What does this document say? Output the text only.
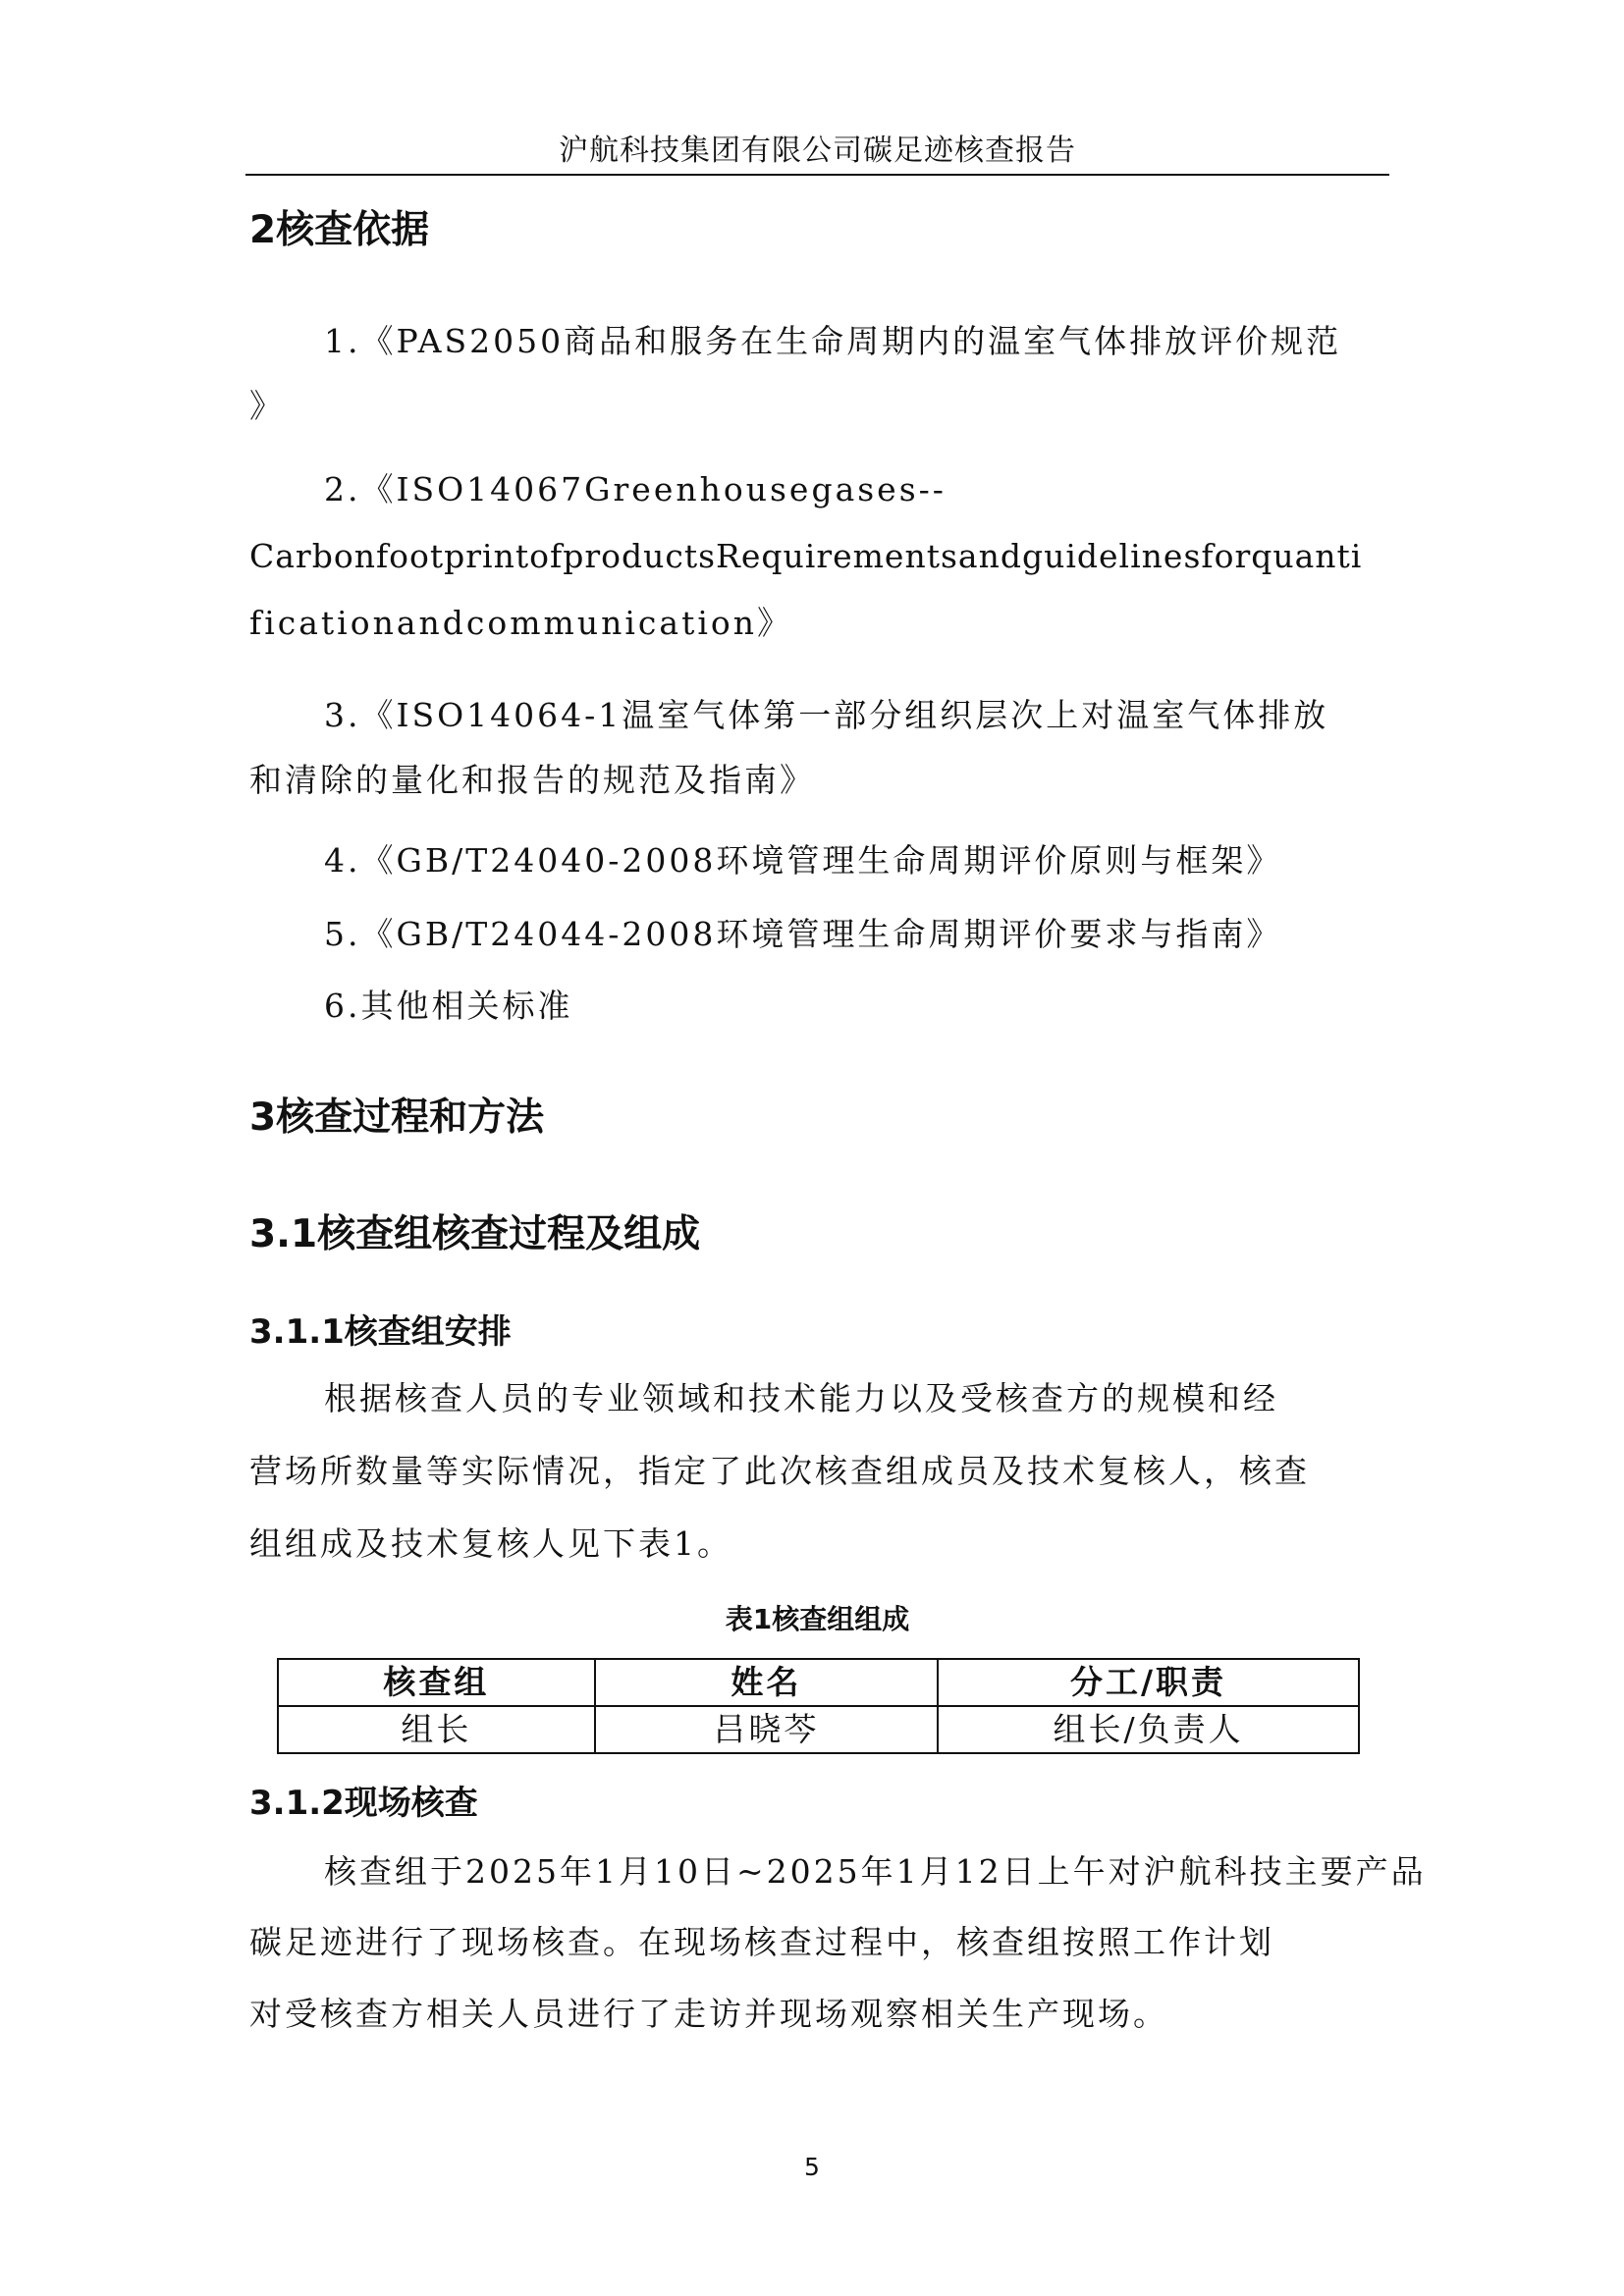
沪航科技集团有限公司碳足迹核查报告
2核查依据
1.《PAS2050商品和服务在生命周期内的温室气体排放评价规范
》
2.《ISO14067Greenhousegases--
CarbonfootprintofproductsRequirementsandguidelinesforquanti
ficationandcommunication》
3.《ISO14064-1温室气体第一部分组织层次上对温室气体排放
和清除的量化和报告的规范及指南》
4.《GB/T24040-2008环境管理生命周期评价原则与框架》
5.《GB/T24044-2008环境管理生命周期评价要求与指南》
6.其他相关标准
3核查过程和方法
3.1核查组核查过程及组成
3.1.1核查组安排
根据核查人员的专业领域和技术能力以及受核查方的规模和经
营场所数量等实际情况，指定了此次核查组成员及技术复核人，核查
组组成及技术复核人见下表1。
表1核查组组成
核查组	姓名	分工/职责
组长	吕晓芩	组长/负责人
3.1.2现场核查
核查组于2025年1月10日~2025年1月12日上午对沪航科技主要产品
碳足迹进行了现场核查。在现场核查过程中，核查组按照工作计划
对受核查方相关人员进行了走访并现场观察相关生产现场。
5
